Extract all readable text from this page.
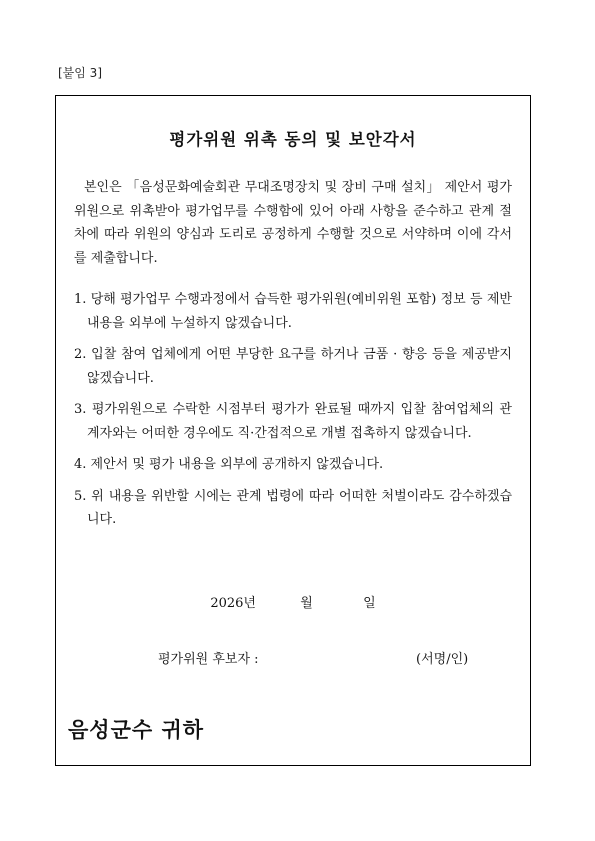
[붙임 3]
평가위원 위촉 동의 및 보안각서
본인은 「음성문화예술회관 무대조명장치 및 장비 구매 설치」 제안서 평가위원으로 위촉받아 평가업무를 수행함에 있어 아래 사항을 준수하고 관계 절차에 따라 위원의 양심과 도리로 공정하게 수행할 것으로 서약하며 이에 각서를 제출합니다.
1. 당해 평가업무 수행과정에서 습득한 평가위원(예비위원 포함) 정보 등 제반 내용을 외부에 누설하지 않겠습니다.
2. 입찰 참여 업체에게 어떤 부당한 요구를 하거나 금품 · 향응 등을 제공받지 않겠습니다.
3. 평가위원으로 수락한 시점부터 평가가 완료될 때까지 입찰 참여업체의 관계자와는 어떠한 경우에도 직·간접적으로 개별 접촉하지 않겠습니다.
4. 제안서 및 평가 내용을 외부에 공개하지 않겠습니다.
5. 위 내용을 위반할 시에는 관계 법령에 따라 어떠한 처벌이라도 감수하겠습니다.
2026년	월	일
평가위원 후보자 :	(서명/인)
음성군수 귀하
